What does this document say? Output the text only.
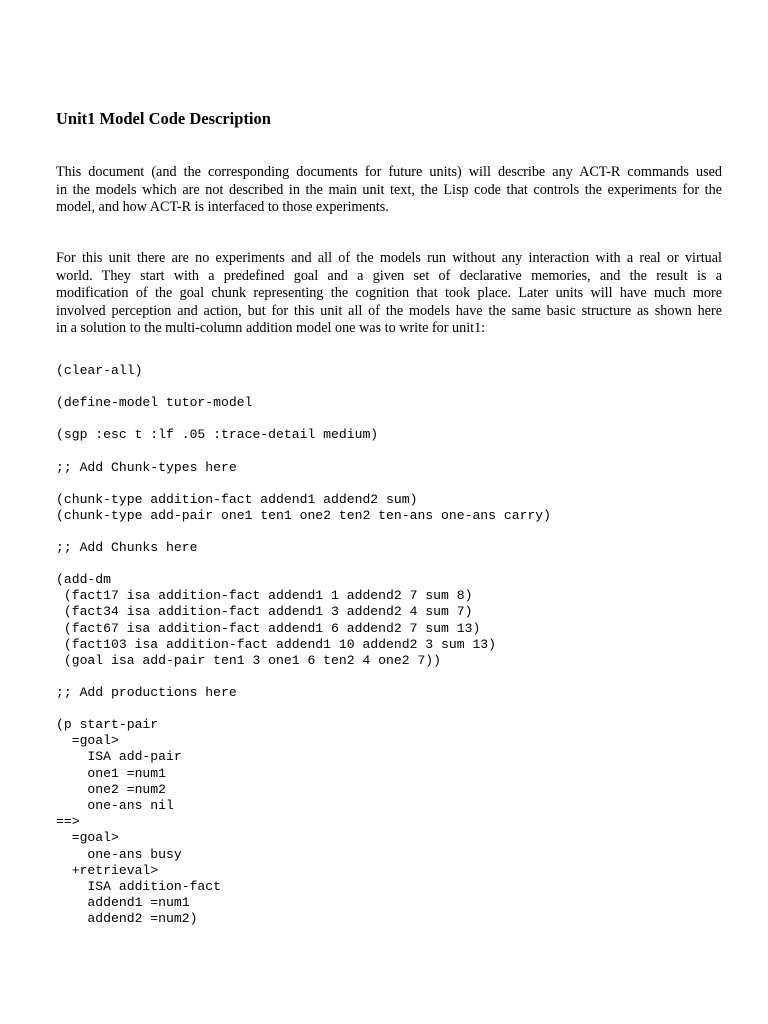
Unit1 Model Code Description

This document (and the corresponding documents for future units) will describe any ACT-R commands used
in the models which are not described in the main unit text, the Lisp code that controls the experiments for the
model, and how ACT-R is interfaced to those experiments.

For this unit there are no experiments and all of the models run without any interaction with a real or virtual
world. They start with a predefined goal and a given set of declarative memories, and the result is a
modification of the goal chunk representing the cognition that took place. Later units will have much more
involved perception and action, but for this unit all of the models have the same basic structure as shown here
in a solution to the multi-column addition model one was to write for unit1:

(clear-all)
(define-model tutor-model
(sgp :esc t :lf .05 :trace-detail medium)
;; Add Chunk-types here
(chunk-type addition-fact addend1 addend2 sum)
(chunk-type add-pair one1 ten1 one2 ten2 ten-ans one-ans carry)
;; Add Chunks here
(add-dm
(fact17 isa addition-fact addend1 1 addend2 7 sum 8)
(fact34 isa addition-fact addend1 3 addend2 4 sum 7)
(fact67 isa addition-fact addend1 6 addend2 7 sum 13)
(fact103 isa addition-fact addend1 10 addend2 3 sum 13)
(goal isa add-pair ten1 3 one1 6 ten2 4 one2 7))
;; Add productions here
(p start-pair
=goal>
ISA add-pair
one1 =num1
one2 =num2
one-ans nil
==>
=goal>
one-ans busy
+retrieval>
ISA addition-fact
addend1 =num1
addend2 =num2)
